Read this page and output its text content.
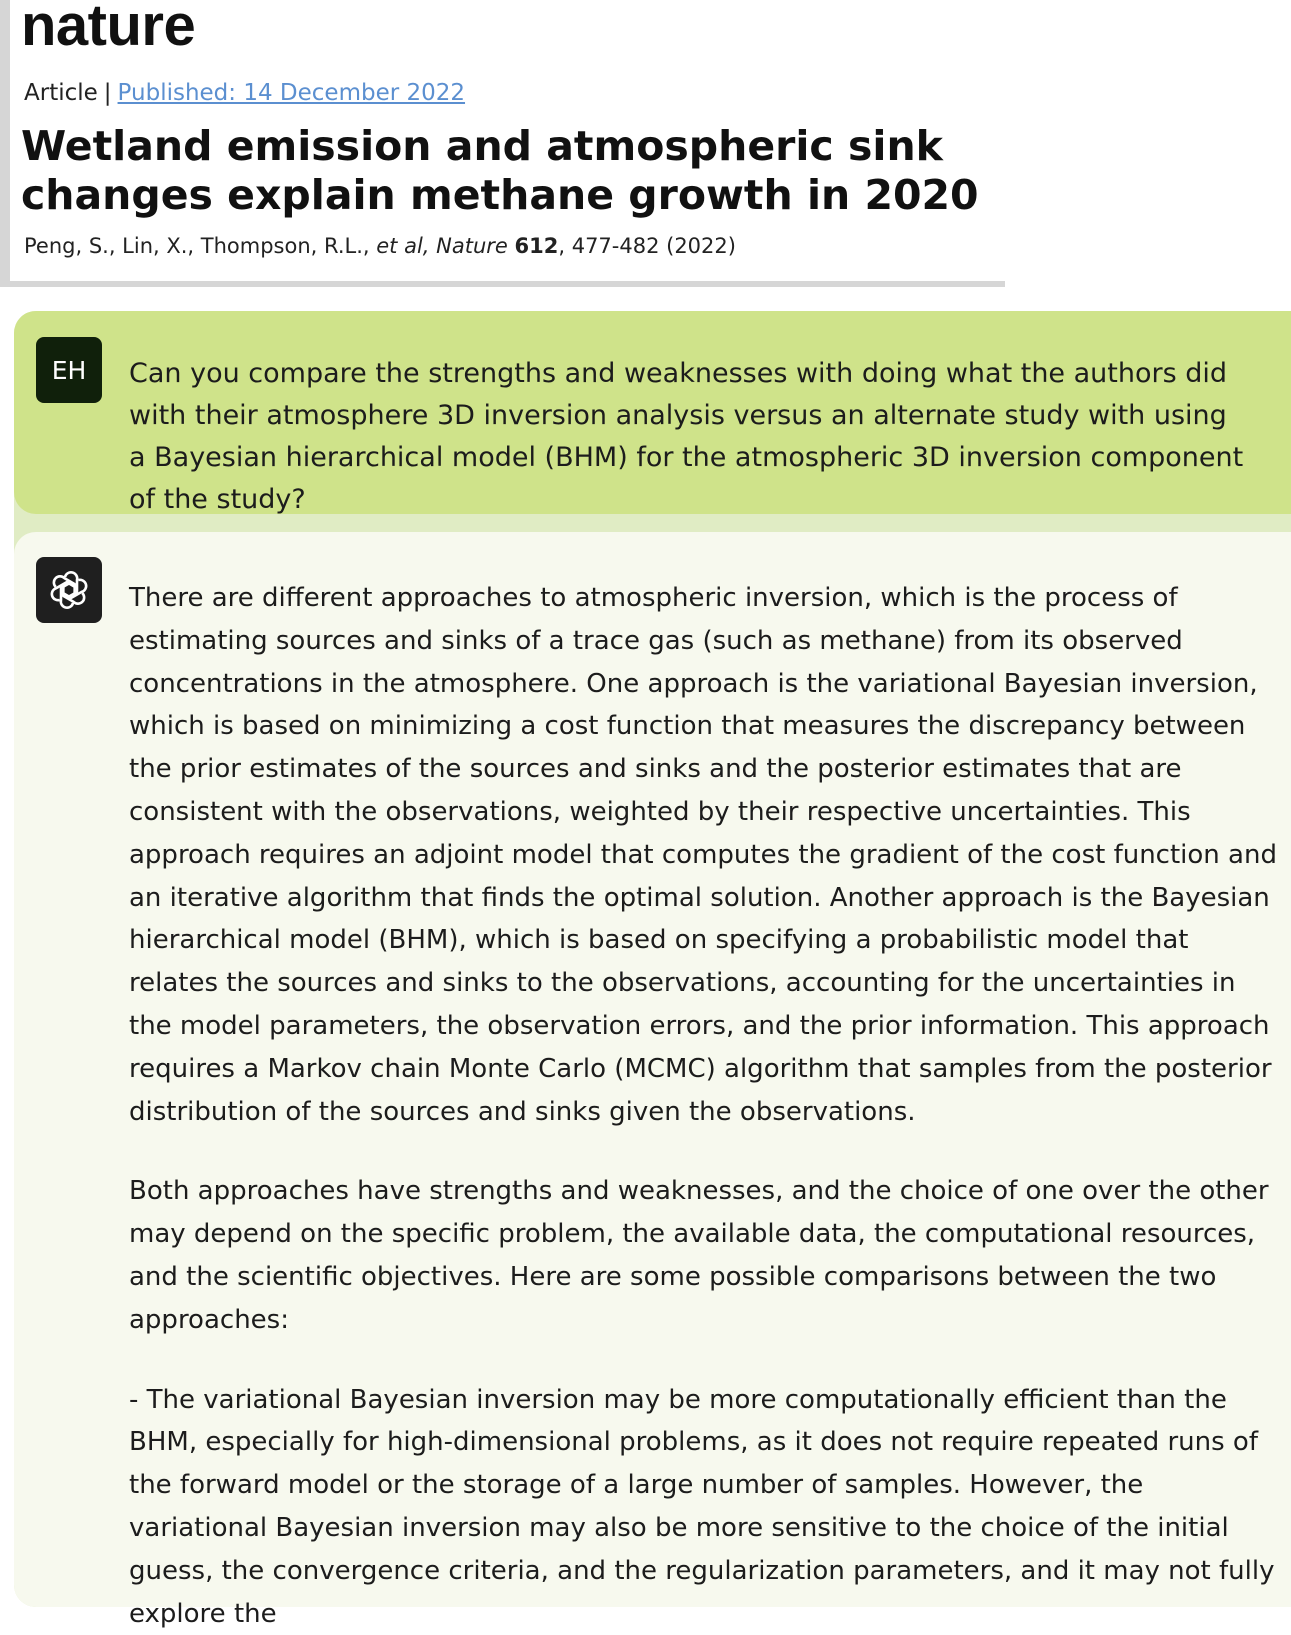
nature
Article | Published: 14 December 2022
Wetland emission and atmospheric sink changes explain methane growth in 2020
Peng, S., Lin, X., Thompson, R.L., et al, Nature 612, 477-482 (2022)
EH	Can you compare the strengths and weaknesses with doing what the authors did with their atmosphere 3D inversion analysis versus an alternate study with using a Bayesian hierarchical model (BHM) for the atmospheric 3D inversion component of the study?

There are different approaches to atmospheric inversion, which is the process of estimating sources and sinks of a trace gas (such as methane) from its observed concentrations in the atmosphere. One approach is the variational Bayesian inversion, which is based on minimizing a cost function that measures the discrepancy between the prior estimates of the sources and sinks and the posterior estimates that are consistent with the observations, weighted by their respective uncertainties. This approach requires an adjoint model that computes the gradient of the cost function and an iterative algorithm that finds the optimal solution. Another approach is the Bayesian hierarchical model (BHM), which is based on specifying a probabilistic model that relates the sources and sinks to the observations, accounting for the uncertainties in the model parameters, the observation errors, and the prior information. This approach requires a Markov chain Monte Carlo (MCMC) algorithm that samples from the posterior distribution of the sources and sinks given the observations.

Both approaches have strengths and weaknesses, and the choice of one over the other may depend on the specific problem, the available data, the computational resources, and the scientific objectives. Here are some possible comparisons between the two approaches:

- The variational Bayesian inversion may be more computationally efficient than the BHM, especially for high-dimensional problems, as it does not require repeated runs of the forward model or the storage of a large number of samples. However, the variational Bayesian inversion may also be more sensitive to the choice of the initial guess, the convergence criteria, and the regularization parameters, and it may not fully explore the
